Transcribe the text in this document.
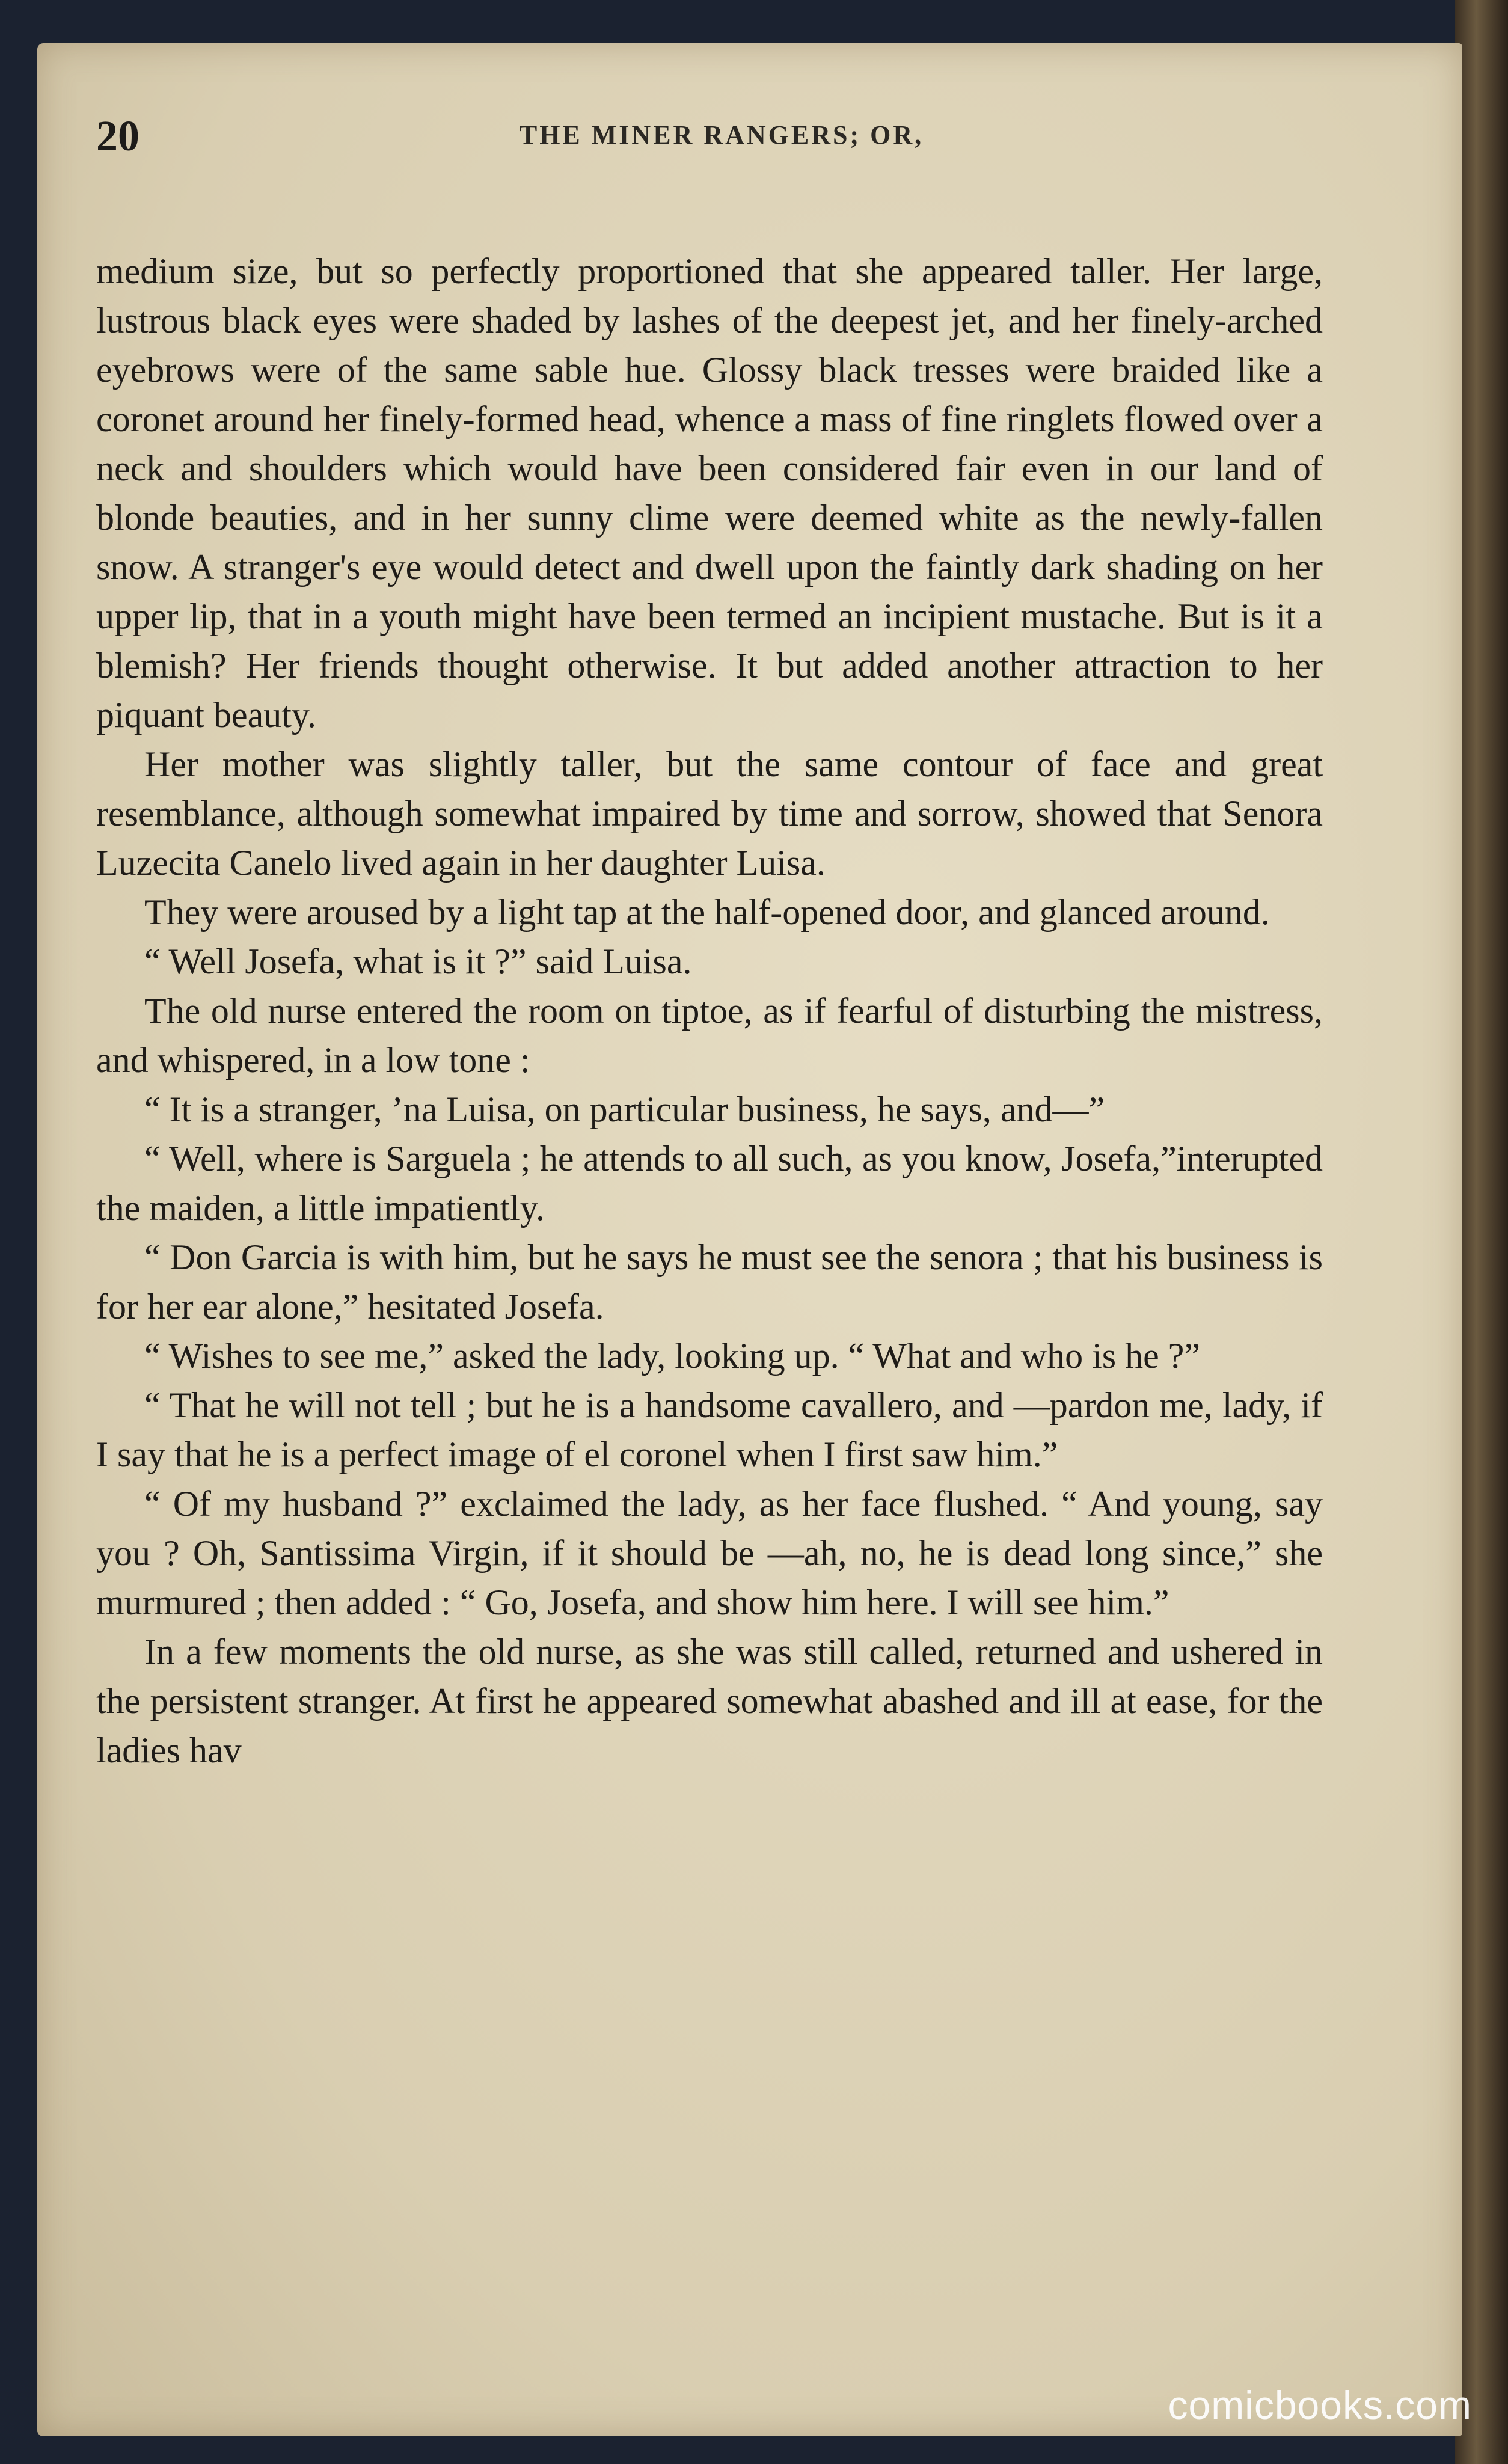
20	THE MINER RANGERS; OR,

medium size, but so perfectly proportioned that she appeared taller. Her large, lustrous black eyes were shaded by lashes of the deepest jet, and her finely-arched eyebrows were of the same sable hue. Glossy black tresses were braided like a coronet around her finely-formed head, whence a mass of fine ringlets flowed over a neck and shoulders which would have been considered fair even in our land of blonde beauties, and in her sunny clime were deemed white as the newly-fallen snow. A stranger's eye would detect and dwell upon the faintly dark shading on her upper lip, that in a youth might have been termed an incipient mustache. But is it a blemish? Her friends thought otherwise. It but added another attraction to her piquant beauty.

Her mother was slightly taller, but the same contour of face and great resemblance, although somewhat impaired by time and sorrow, showed that Senora Luzecita Canelo lived again in her daughter Luisa.

They were aroused by a light tap at the half-opened door, and glanced around.

“ Well Josefa, what is it ?” said Luisa.

The old nurse entered the room on tiptoe, as if fearful of disturbing the mistress, and whispered, in a low tone :

“ It is a stranger, ’na Luisa, on particular business, he says, and—”

“ Well, where is Sarguela ; he attends to all such, as you know, Josefa,”interupted the maiden, a little impatiently.

“ Don Garcia is with him, but he says he must see the senora ; that his business is for her ear alone,” hesitated Josefa.

“ Wishes to see me,” asked the lady, looking up. “ What and who is he ?”

“ That he will not tell ; but he is a handsome cavallero, and —pardon me, lady, if I say that he is a perfect image of el coronel when I first saw him.”

“ Of my husband ?” exclaimed the lady, as her face flushed. “ And young, say you ? Oh, Santissima Virgin, if it should be —ah, no, he is dead long since,” she murmured ; then added : “ Go, Josefa, and show him here. I will see him.”

In a few moments the old nurse, as she was still called, returned and ushered in the persistent stranger. At first he appeared somewhat abashed and ill at ease, for the ladies hav

comicbooks.com
